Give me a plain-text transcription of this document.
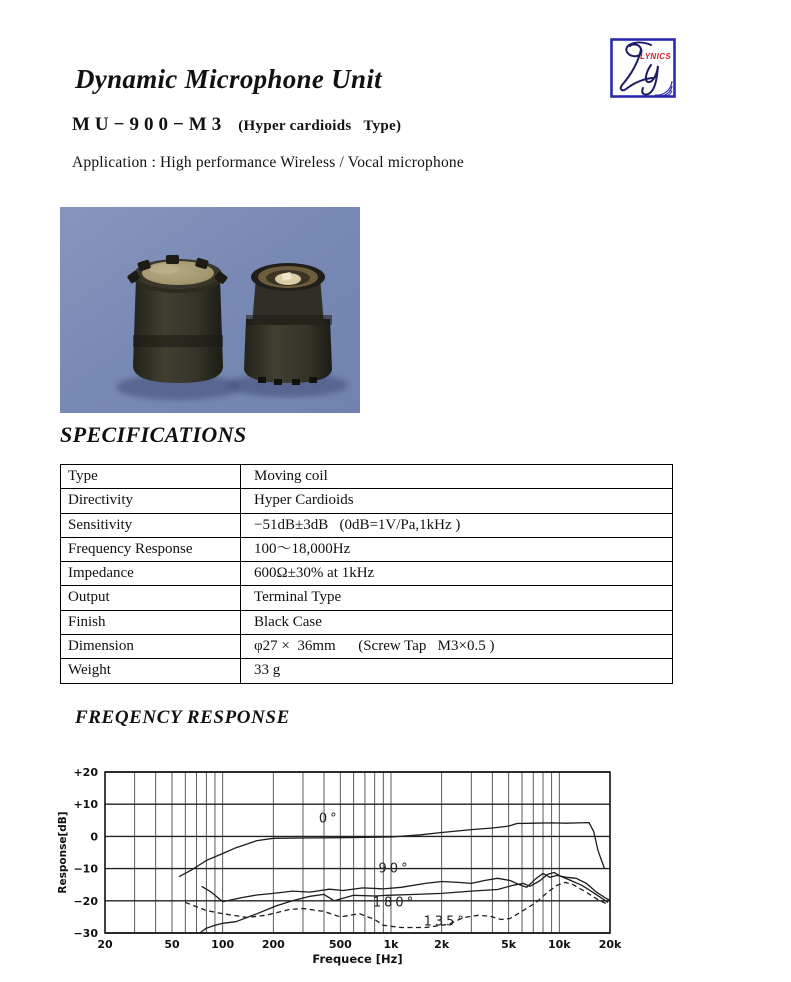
Dynamic Microphone Unit
MU−900−M3 (Hyper cardioids   Type)
Application : High performance Wireless / Vocal microphone
LYNICS
SPECIFICATIONS
Type	Moving coil
Directivity	Hyper Cardioids
Sensitivity	−51dB±3dB   (0dB=1V/Pa,1kHz )
Frequency Response	100～18,000Hz
Impedance	600Ω±30% at 1kHz
Output	Terminal Type
Finish	Black Case
Dimension	φ27 ×  36mm      (Screw Tap   M3×0.5 )
Weight	33 g
FREQENCY RESPONSE
0°
90°
180°
135°
+20
+10
0
−10
−20
−30
20	50	100	200	500	1k	2k	5k	10k	20k
Frequece [Hz]
Response[dB]
